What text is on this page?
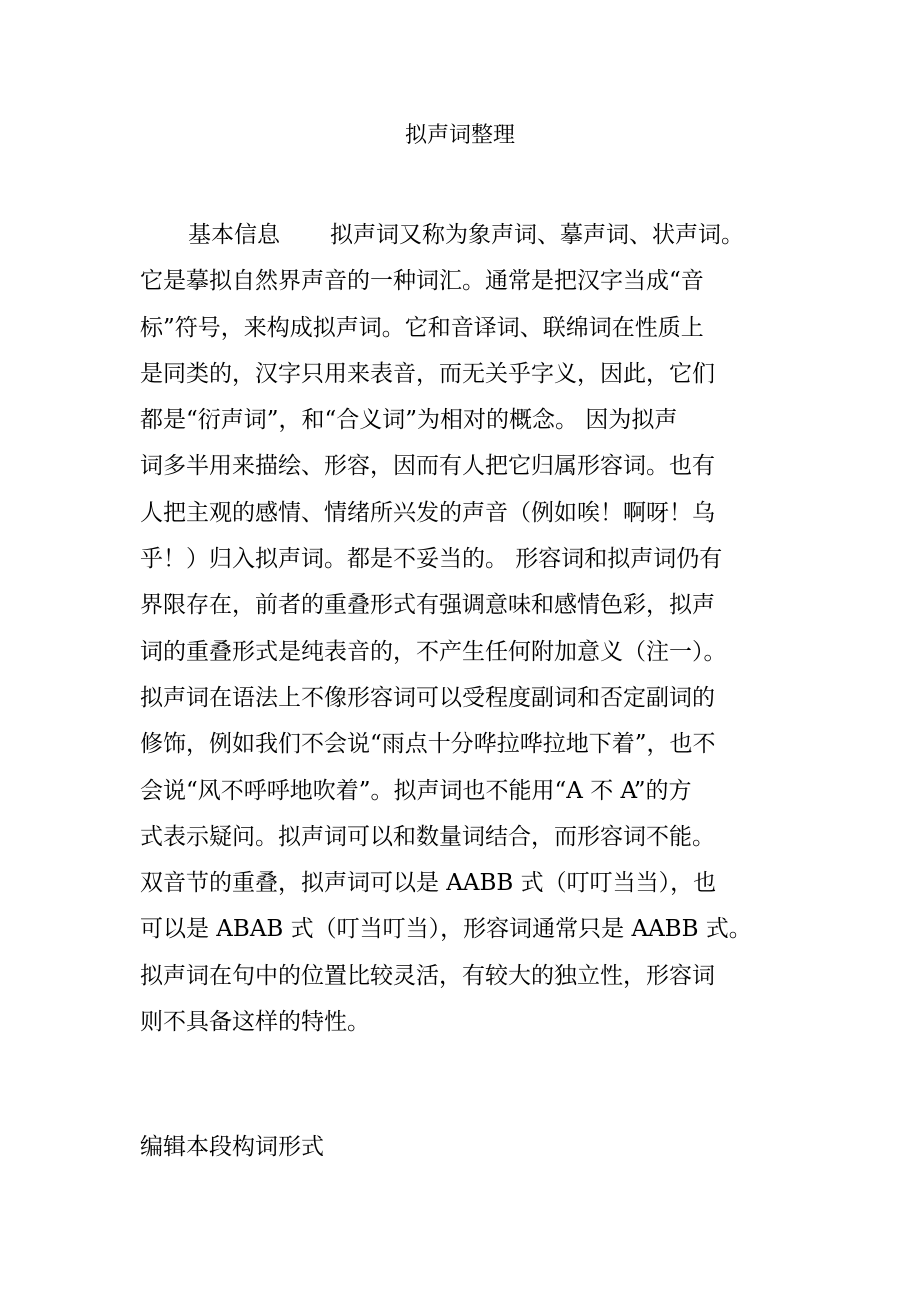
拟声词整理
基本信息 拟声词又称为象声词、摹声词、状声词。
它是摹拟自然界声音的一种词汇。通常是把汉字当成“音
标”符号，来构成拟声词。它和音译词、联绵词在性质上
是同类的，汉字只用来表音，而无关乎字义，因此，它们
都是“衍声词”，和“合义词”为相对的概念。 因为拟声
词多半用来描绘、形容，因而有人把它归属形容词。也有
人把主观的感情、情绪所兴发的声音（例如唉！啊呀！乌
乎！）归入拟声词。都是不妥当的。 形容词和拟声词仍有
界限存在，前者的重叠形式有强调意味和感情色彩，拟声
词的重叠形式是纯表音的，不产生任何附加意义（注一）。
拟声词在语法上不像形容词可以受程度副词和否定副词的
修饰，例如我们不会说“雨点十分哗拉哗拉地下着”，也不
会说“风不呼呼地吹着”。拟声词也不能用“A 不 A”的方
式表示疑问。拟声词可以和数量词结合，而形容词不能。
双音节的重叠，拟声词可以是 AABB 式（叮叮当当），也
可以是 ABAB 式（叮当叮当），形容词通常只是 AABB 式。
拟声词在句中的位置比较灵活，有较大的独立性，形容词
则不具备这样的特性。
编辑本段构词形式
